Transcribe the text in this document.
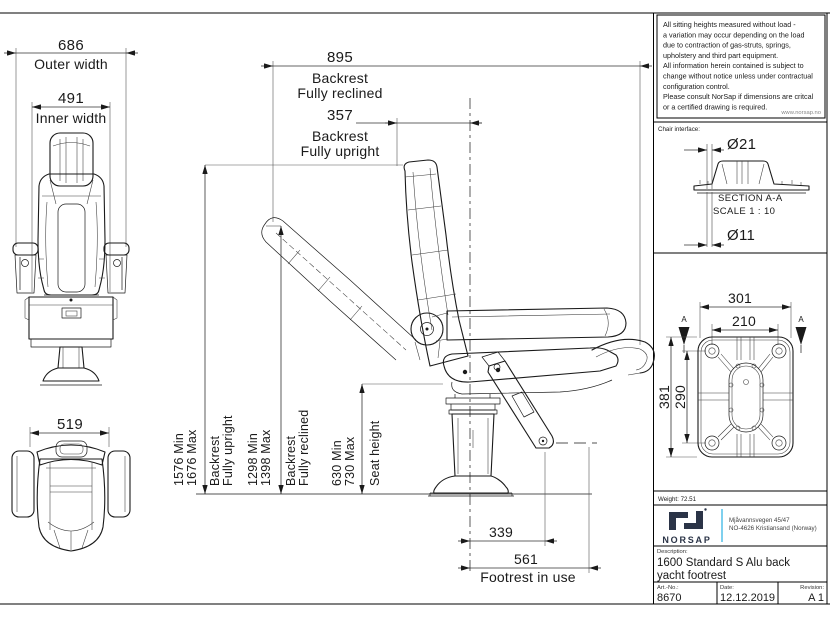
686
Outer width
491
Inner width
519
895
Backrest
Fully reclined
357
Backrest
Fully upright
1576 Min 1676 Max Backrest Fully upright 1298 Min 1398 Max Backrest Fully reclined 630 Min 730 Max Seat height
339
561
Footrest in use
All sitting heights measured without load -
a variation may occur depending on the load
due to contraction of gas-struts, springs,
upholstery and third part equipment.
All information herein contained is subject to
change without notice unless under contractual
configuration control.
Please consult NorSap if dimensions are critcal
or a certified drawing is required.
www.norsap.no
Chair interface:
Ø21
SECTION A-A
SCALE 1 : 10
Ø11
301
210
A	A
381 290
Weight: 72.51
NORSAP
Mjåvannsvegen 45/47
NO-4626 Kristiansand (Norway)
Description:
1600 Standard S Alu back
yacht footrest
Art.-No.:
8670
Date:
12.12.2019
Revision:
A 1
